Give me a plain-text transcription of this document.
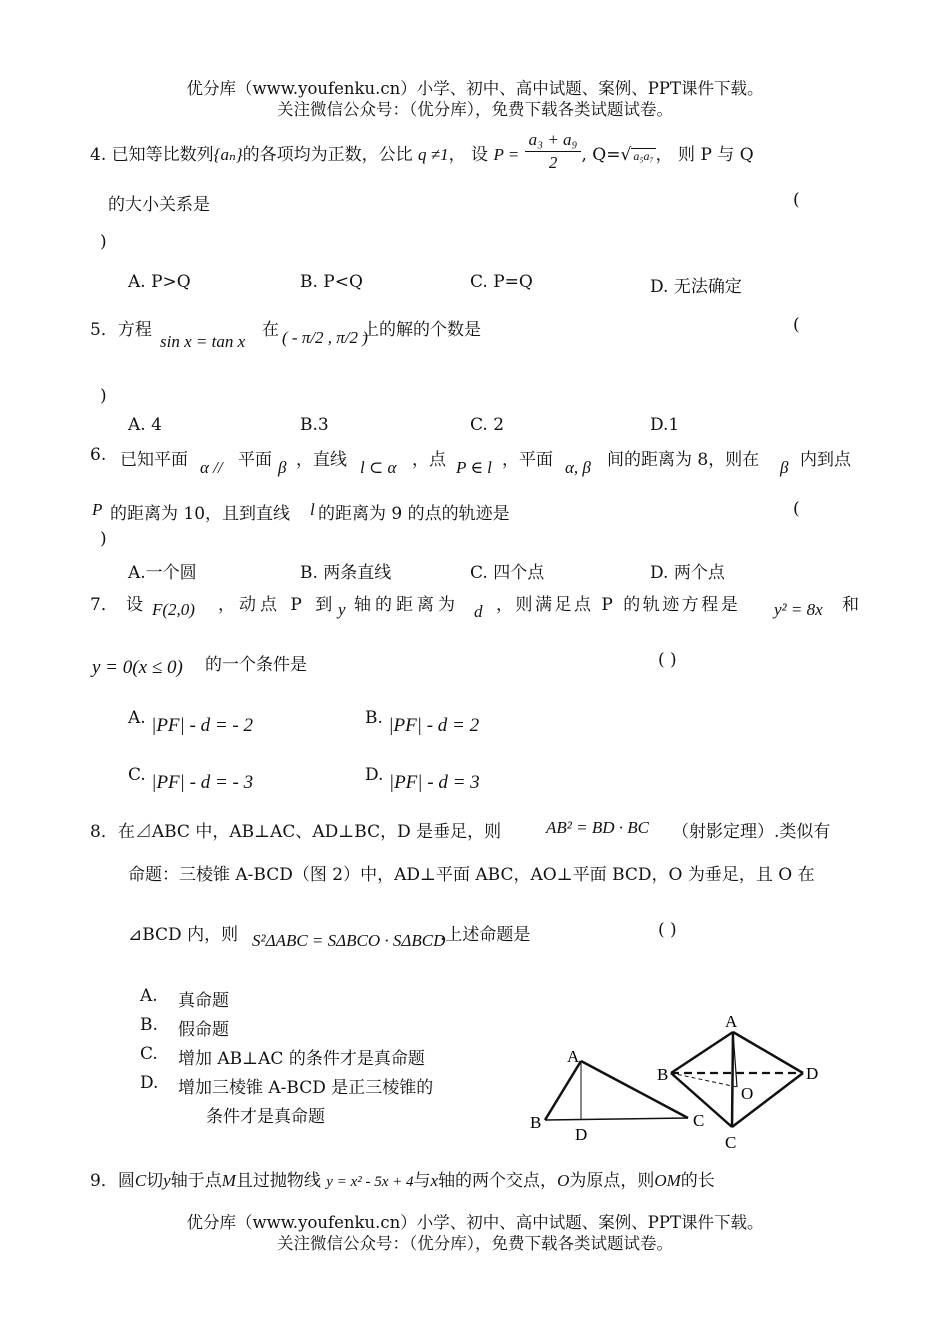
优分库（www.youfenku.cn）小学、初中、高中试题、案例、PPT课件下载。
关注微信公众号：（优分库），免费下载各类试题试卷。
4. 已知等比数列{aₙ}的各项均为正数，公比 q ≠1， 设 $P = \frac{\text{a₃ + a₉}}{2}$ , Q=√ a₅a₇ ， 则 P 与 Q
的大小关系是	(
)
A. P>Q	B. P<Q	C. P=Q	D. 无法确定
5．方程
sin x = tan x
在 ( - π/2 , π/2 )
上的解的个数是	(
)
A. 4	B.3	C. 2	D.1
6. 已知平面 α // 平面 β ，直线 l ⊂ α ，点 P ∈ l ，平面 α, β 间的距离为 8，则在 β 内到点
P 的距离为 10，且到直线 l 的距离为 9 的点的轨迹是	(
)
A.一个圆	B. 两条直线	C. 四个点	D. 两个点
7． 设 F(2,0) ，动点 P 到 y 轴的距离为 d ，则满足点 P 的轨迹方程是 y² = 8x 和
y = 0(x ≤ 0) 的一个条件是	( )
A. |PF| - d = - 2	B. |PF| - d = 2
C. |PF| - d = - 3	D. |PF| - d = 3
8．在⊿ABC 中，AB⊥AC、AD⊥BC，D 是垂足，则	AB² = BD · BC （射影定理）.类似有
命题：三棱锥 A-BCD（图 2）中，AD⊥平面 ABC，AO⊥平面 BCD，O 为垂足，且 O 在
⊿BCD 内，则 S²ΔABC = SΔBCO · SΔBCD
.上述命题是	( )
A. 真命题
B. 假命题
C. 增加 AB⊥AC 的条件才是真命题
D. 增加三棱锥 A-BCD 是正三棱锥的
条件才是真命题
A
B	C
D
A
B
C
D
O
9．圆C切y轴于点M且过抛物线 y = x² - 5x + 4与x轴的两个交点，O为原点，则OM的长
优分库（www.youfenku.cn）小学、初中、高中试题、案例、PPT课件下载。
关注微信公众号：（优分库），免费下载各类试题试卷。
